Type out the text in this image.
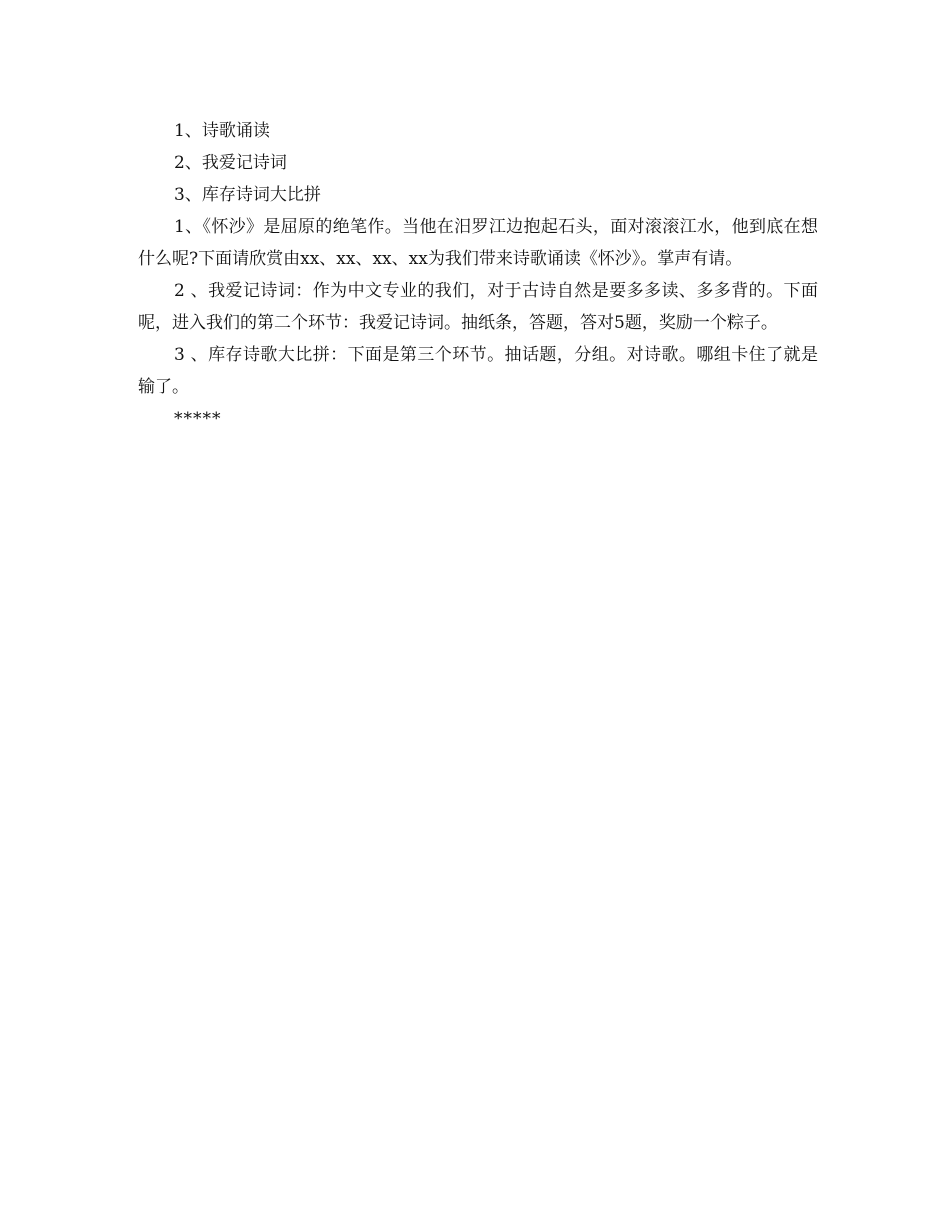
1、诗歌诵读

2、我爱记诗词

3、库存诗词大比拼

1、《怀沙》是屈原的绝笔作。当他在汨罗江边抱起石头，面对滚滚江水，他到底在想什么呢?下面请欣赏由xx、xx、xx、xx为我们带来诗歌诵读《怀沙》。掌声有请。

2 、我爱记诗词：作为中文专业的我们，对于古诗自然是要多多读、多多背的。下面呢，进入我们的第二个环节：我爱记诗词。抽纸条，答题，答对5题，奖励一个粽子。

3 、库存诗歌大比拼：下面是第三个环节。抽话题，分组。对诗歌。哪组卡住了就是输了。

*****
